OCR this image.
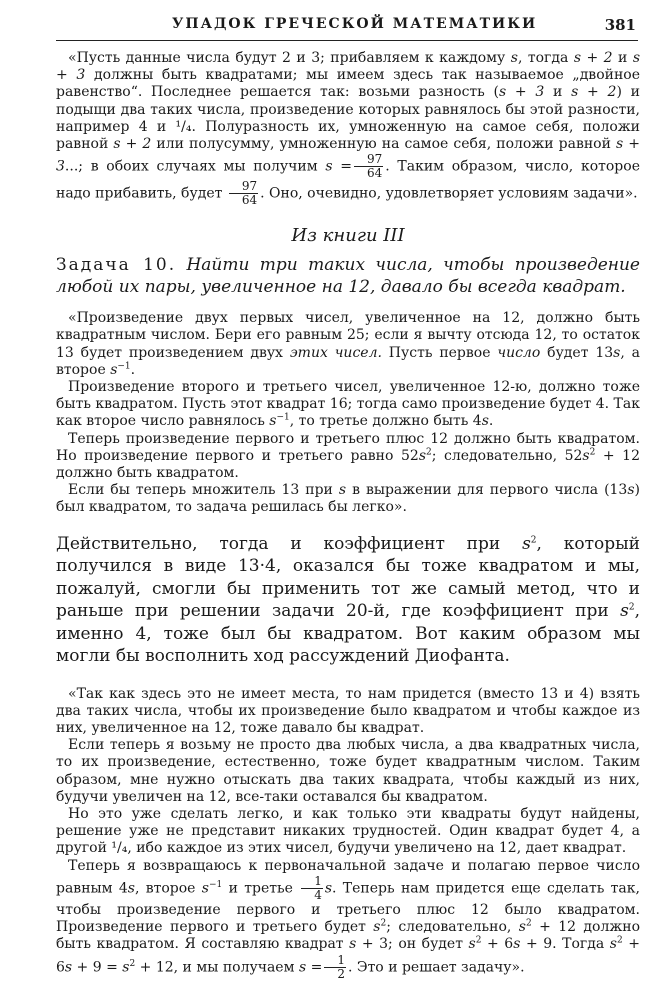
УПАДОК ГРЕЧЕСКОЙ МАТЕМАТИКИ	381

«Пусть данные числа будут 2 и 3; прибавляем к каждому s, тогда s + 2 и s + 3 должны быть квадратами; мы имеем здесь так называемое „двойное равенство“. Последнее решается так: возьми разность (s + 3 и s + 2) и подыщи два таких числа, произведение которых равнялось бы этой разности, например 4 и ¹/₄. Полуразность их, умноженную на самое себя, положи равной s + 2 или полусумму, умноженную на самое себя, положи равной s + 3...; в обоих случаях мы получим $s = \frac{97}{64}$ . Таким образом, число, которое надо прибавить, будет $\frac{97}{64}$ . Оно, очевидно, удовлетворяет условиям задачи».

Из книги III

Задача 10. Найти три таких числа, чтобы произведение любой их пары, увеличенное на 12, давало бы всегда квадрат.

«Произведение двух первых чисел, увеличенное на 12, должно быть квадратным числом. Бери его равным 25; если я вычту отсюда 12, то остаток 13 будет произведением двух этих чисел. Пусть первое число будет 13s, а второе $s^{-1}$.

Произведение второго и третьего чисел, увеличенное 12-ю, должно тоже быть квадратом. Пусть этот квадрат 16; тогда само произведение будет 4. Так как второе число равнялось $s^{-1}$, то третье должно быть 4s.

Теперь произведение первого и третьего плюс 12 должно быть квадратом. Но произведение первого и третьего равно $52s^2$; следовательно, $52s^2 + 12$ должно быть квадратом.

Если бы теперь множитель 13 при s в выражении для первого числа (13s) был квадратом, то задача решилась бы легко».

Действительно, тогда и коэффициент при $s^2$, который получился в виде 13·4, оказался бы тоже квадратом и мы, пожалуй, смогли бы применить тот же самый метод, что и раньше при решении задачи 20-й, где коэффициент при $s^2$, именно 4, тоже был бы квадратом. Вот каким образом мы могли бы восполнить ход рассуждений Диофанта.

«Так как здесь это не имеет места, то нам придется (вместо 13 и 4) взять два таких числа, чтобы их произведение было квадратом и чтобы каждое из них, увеличенное на 12, тоже давало бы квадрат.

Если теперь я возьму не просто два любых числа, а два квадратных числа, то их произведение, естественно, тоже будет квадратным числом. Таким образом, мне нужно отыскать два таких квадрата, чтобы каждый из них, будучи увеличен на 12, все-таки оставался бы квадратом.

Но это уже сделать легко, и как только эти квадраты будут найдены, решение уже не представит никаких трудностей. Один квадрат будет 4, а другой ¹/₄, ибо каждое из этих чисел, будучи увеличено на 12, дает квадрат.

Теперь я возвращаюсь к первоначальной задаче и полагаю первое число равным 4s, второе $s^{-1}$ и третье $\frac{1}{4} s$. Теперь нам придется еще сделать так, чтобы произведение первого и третьего плюс 12 было квадратом. Произведение первого и третьего будет $s^2$; следовательно, $s^2 + 12$ должно быть квадратом. Я составляю квадрат s + 3; он будет $s^2 + 6s + 9$. Тогда $s^2 + 6s + 9 = s^2 + 12$, и мы получаем $s = \frac{1}{2}$ . Это и решает задачу».
